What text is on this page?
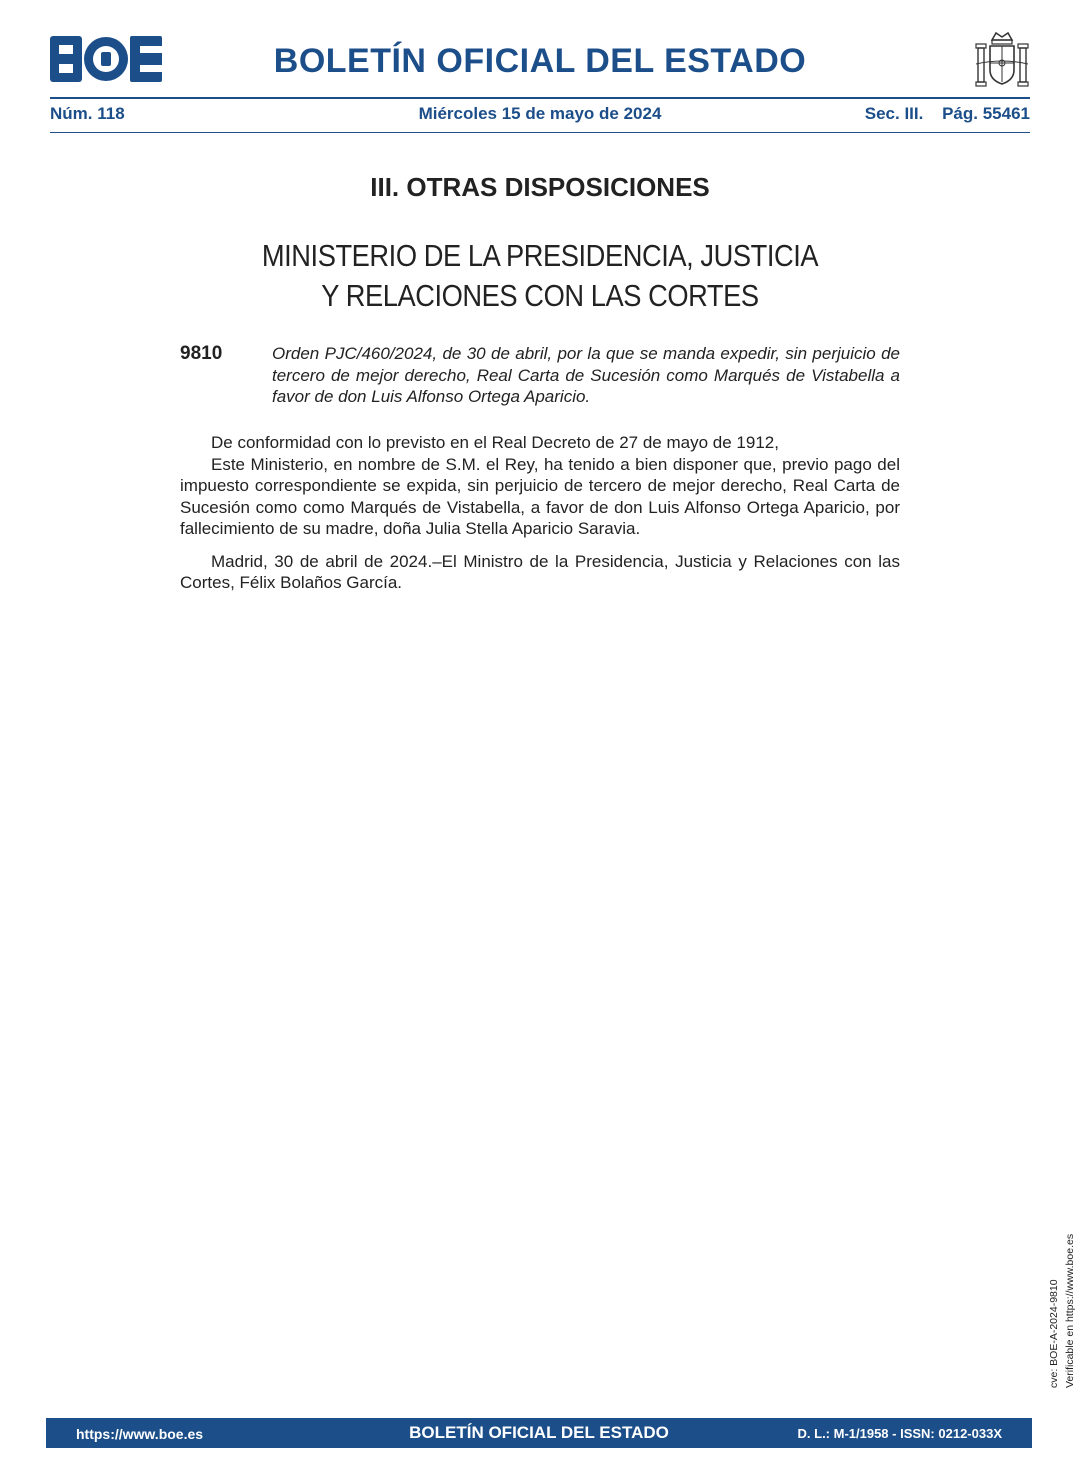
BOLETÍN OFICIAL DEL ESTADO
Núm. 118	Miércoles 15 de mayo de 2024	Sec. III. Pág. 55461
III. OTRAS DISPOSICIONES
MINISTERIO DE LA PRESIDENCIA, JUSTICIA
Y RELACIONES CON LAS CORTES
9810	Orden PJC/460/2024, de 30 de abril, por la que se manda expedir, sin perjuicio de tercero de mejor derecho, Real Carta de Sucesión como Marqués de Vistabella a favor de don Luis Alfonso Ortega Aparicio.

De conformidad con lo previsto en el Real Decreto de 27 de mayo de 1912,

Este Ministerio, en nombre de S.M. el Rey, ha tenido a bien disponer que, previo pago del impuesto correspondiente se expida, sin perjuicio de tercero de mejor derecho, Real Carta de Sucesión como como Marqués de Vistabella, a favor de don Luis Alfonso Ortega Aparicio, por fallecimiento de su madre, doña Julia Stella Aparicio Saravia.

Madrid, 30 de abril de 2024.–El Ministro de la Presidencia, Justicia y Relaciones con las Cortes, Félix Bolaños García.

cve: BOE-A-2024-9810 Verificable en https://www.boe.es
https://www.boe.es	BOLETÍN OFICIAL DEL ESTADO	D. L.: M-1/1958 - ISSN: 0212-033X
